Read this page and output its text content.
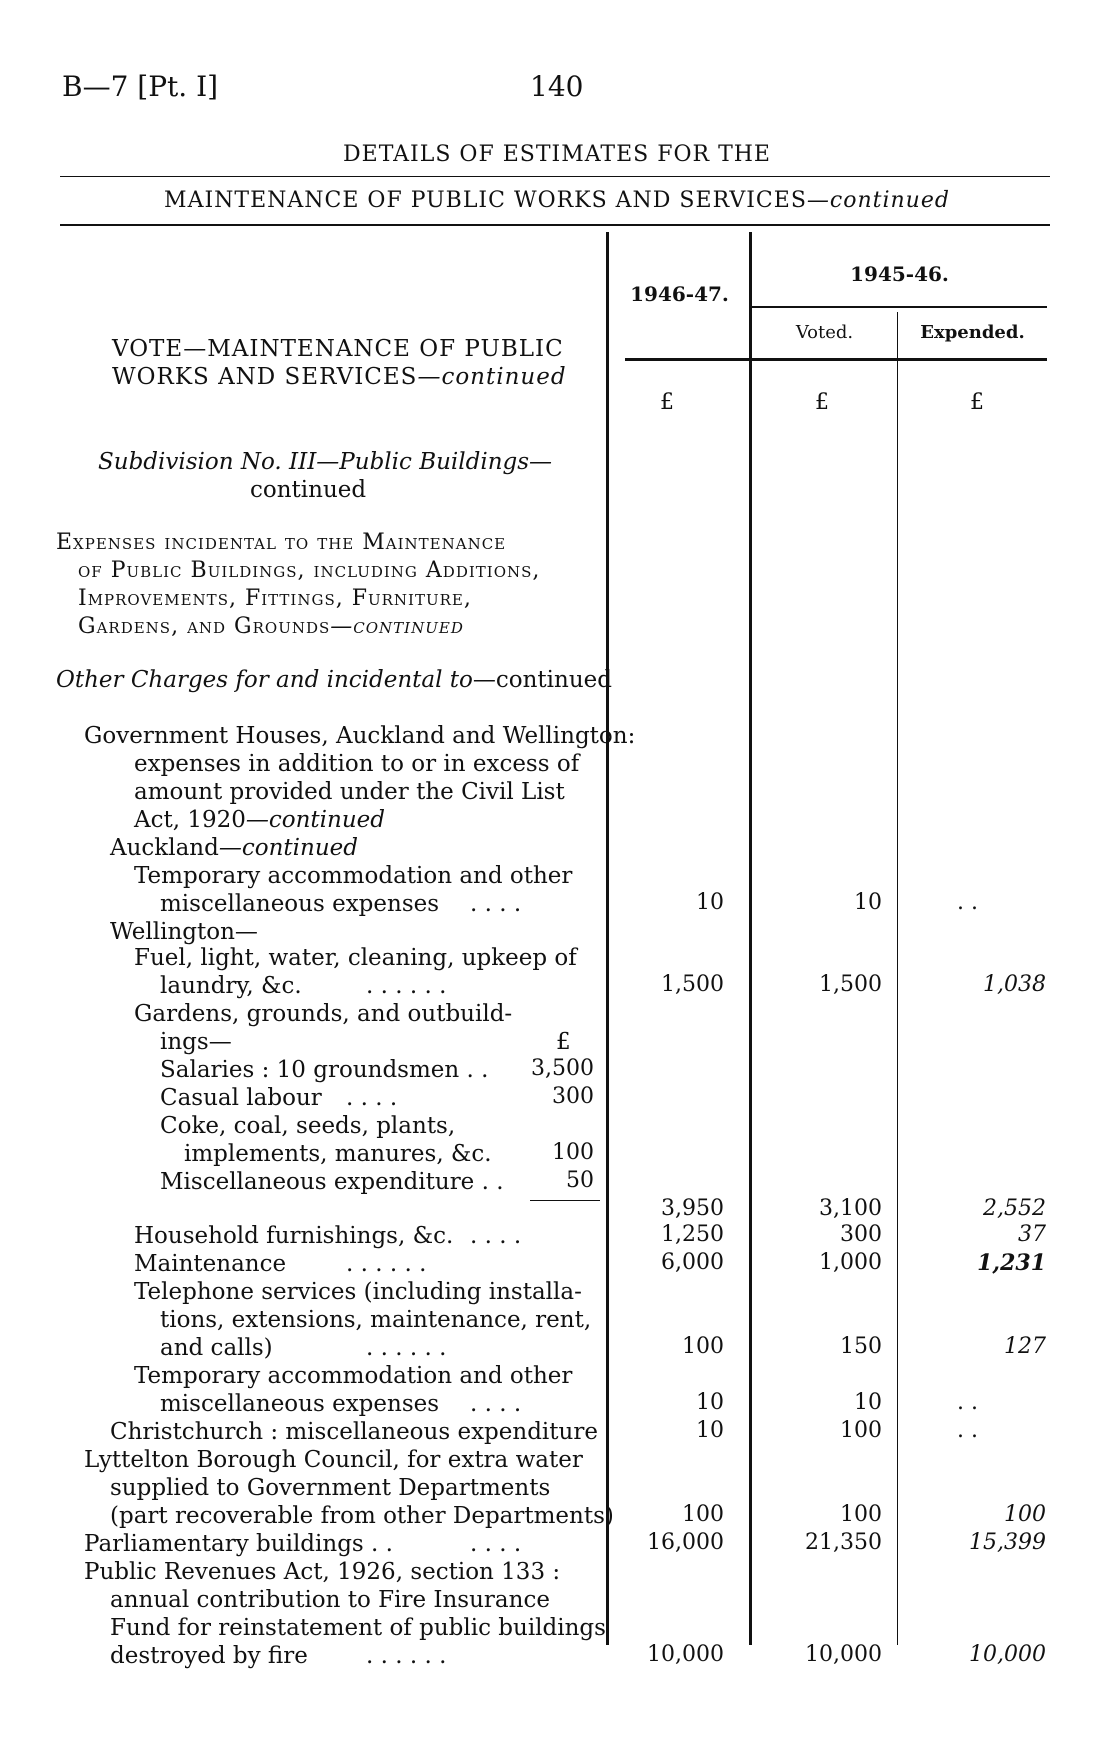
B—7 [Pt. I]	140
DETAILS OF ESTIMATES FOR THE
MAINTENANCE OF PUBLIC WORKS AND SERVICES—continued
1946-47.
1945-46.
Voted.	Expended.
£	£	£
VOTE—MAINTENANCE OF PUBLIC
WORKS AND SERVICES—continued
Subdivision No. III—Public Buildings—
continued
Expenses incidental to the Maintenance
of Public Buildings, including Additions,
Improvements, Fittings, Furniture,
Gardens, and Grounds—continued
Other Charges for and incidental to—continued
Government Houses, Auckland and Wellington:
expenses in addition to or in excess of
amount provided under the Civil List
Act, 1920—continued
Auckland—continued
Temporary accommodation and other
miscellaneous expenses . . . .	10	10	. .
Wellington—
Fuel, light, water, cleaning, upkeep of
laundry, &c.	. . . . . .	1,500	1,500	1,038
Gardens, grounds, and outbuild-
ings—	£
Salaries : 10 groundsmen . .	3,500
Casual labour . . . .	300
Coke, coal, seeds, plants,
implements, manures, &c.	100
Miscellaneous expenditure . .	50
3,950	3,100	2,552
Household furnishings, &c. . . . .	1,250	300	37
Maintenance	. . . . . .	6,000	1,000	1,231
Telephone services (including installa-
tions, extensions, maintenance, rent,
and calls)	. . . . . .	100	150	127
Temporary accommodation and other
miscellaneous expenses . . . .	10	10	. .
Christchurch : miscellaneous expenditure	10	100	. .
Lyttelton Borough Council, for extra water
supplied to Government Departments
(part recoverable from other Departments)	100	100	100
Parliamentary buildings . .	. . . .	16,000	21,350	15,399
Public Revenues Act, 1926, section 133 :
annual contribution to Fire Insurance
Fund for reinstatement of public buildings
destroyed by fire	. . . . . .	10,000	10,000	10,000
